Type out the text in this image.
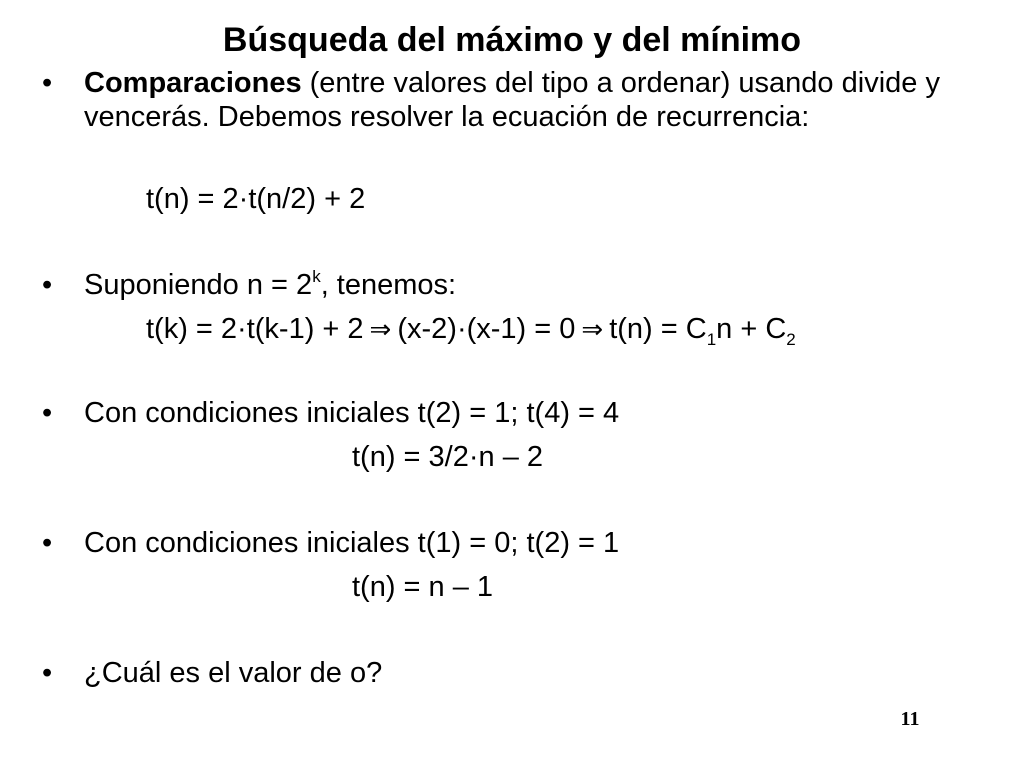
Búsqueda del máximo y del mínimo
• Comparaciones (entre valores del tipo a ordenar) usando divide y vencerás. Debemos resolver la ecuación de recurrencia:
t(n) = 2·t(n/2) + 2
• Suponiendo $n = 2^k$, tenemos:
t(k) = 2·t(k-1) + 2 ⇒ (x-2)·(x-1) = 0 ⇒ $t(n) = C_1n + C_2$
• Con condiciones iniciales t(2) = 1; t(4) = 4
t(n) = 3/2·n – 2
• Con condiciones iniciales t(1) = 0; t(2) = 1
t(n) = n – 1
• ¿Cuál es el valor de o?
11
